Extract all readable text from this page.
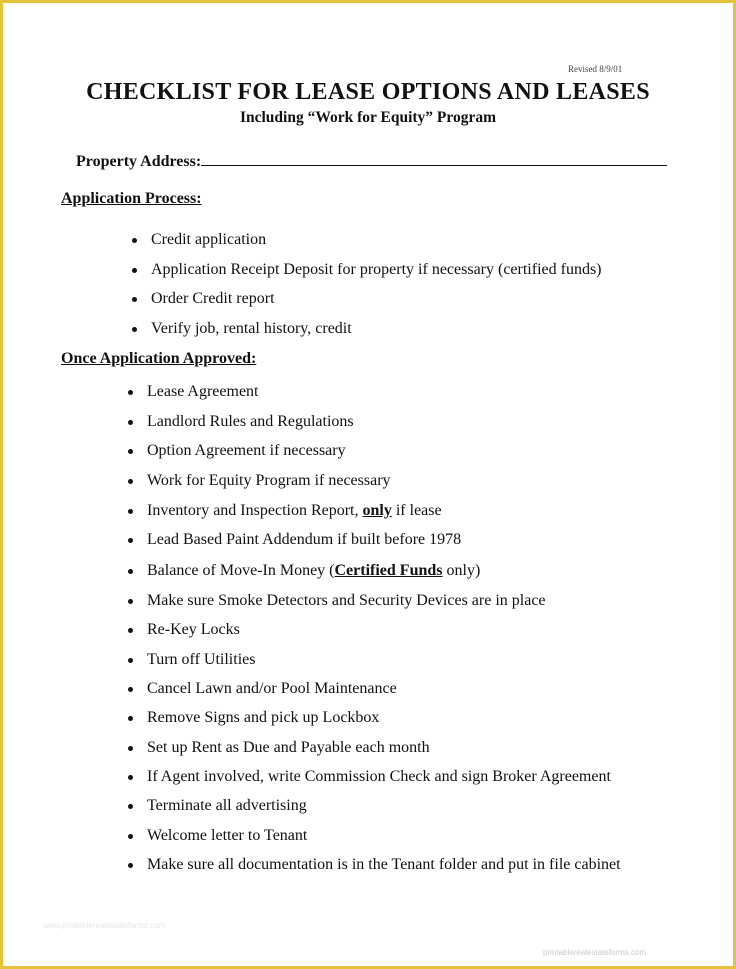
Revised 8/9/01
CHECKLIST FOR LEASE OPTIONS AND LEASES
Including “Work for Equity” Program
Property Address:
Application Process:
Credit application
Application Receipt Deposit for property if necessary (certified funds)
Order Credit report
Verify job, rental history, credit
Once Application Approved:
Lease Agreement
Landlord Rules and Regulations
Option Agreement if necessary
Work for Equity Program if necessary
Inventory and Inspection Report, only if lease
Lead Based Paint Addendum if built before 1978
Balance of Move-In Money (Certified Funds only)
Make sure Smoke Detectors and Security Devices are in place
Re-Key Locks
Turn off Utilities
Cancel Lawn and/or Pool Maintenance
Remove Signs and pick up Lockbox
Set up Rent as Due and Payable each month
If Agent involved, write Commission Check and sign Broker Agreement
Terminate all advertising
Welcome letter to Tenant
Make sure all documentation is in the Tenant folder and put in file cabinet
www.printablerealestateforms.com
printablerealestateforms.com
